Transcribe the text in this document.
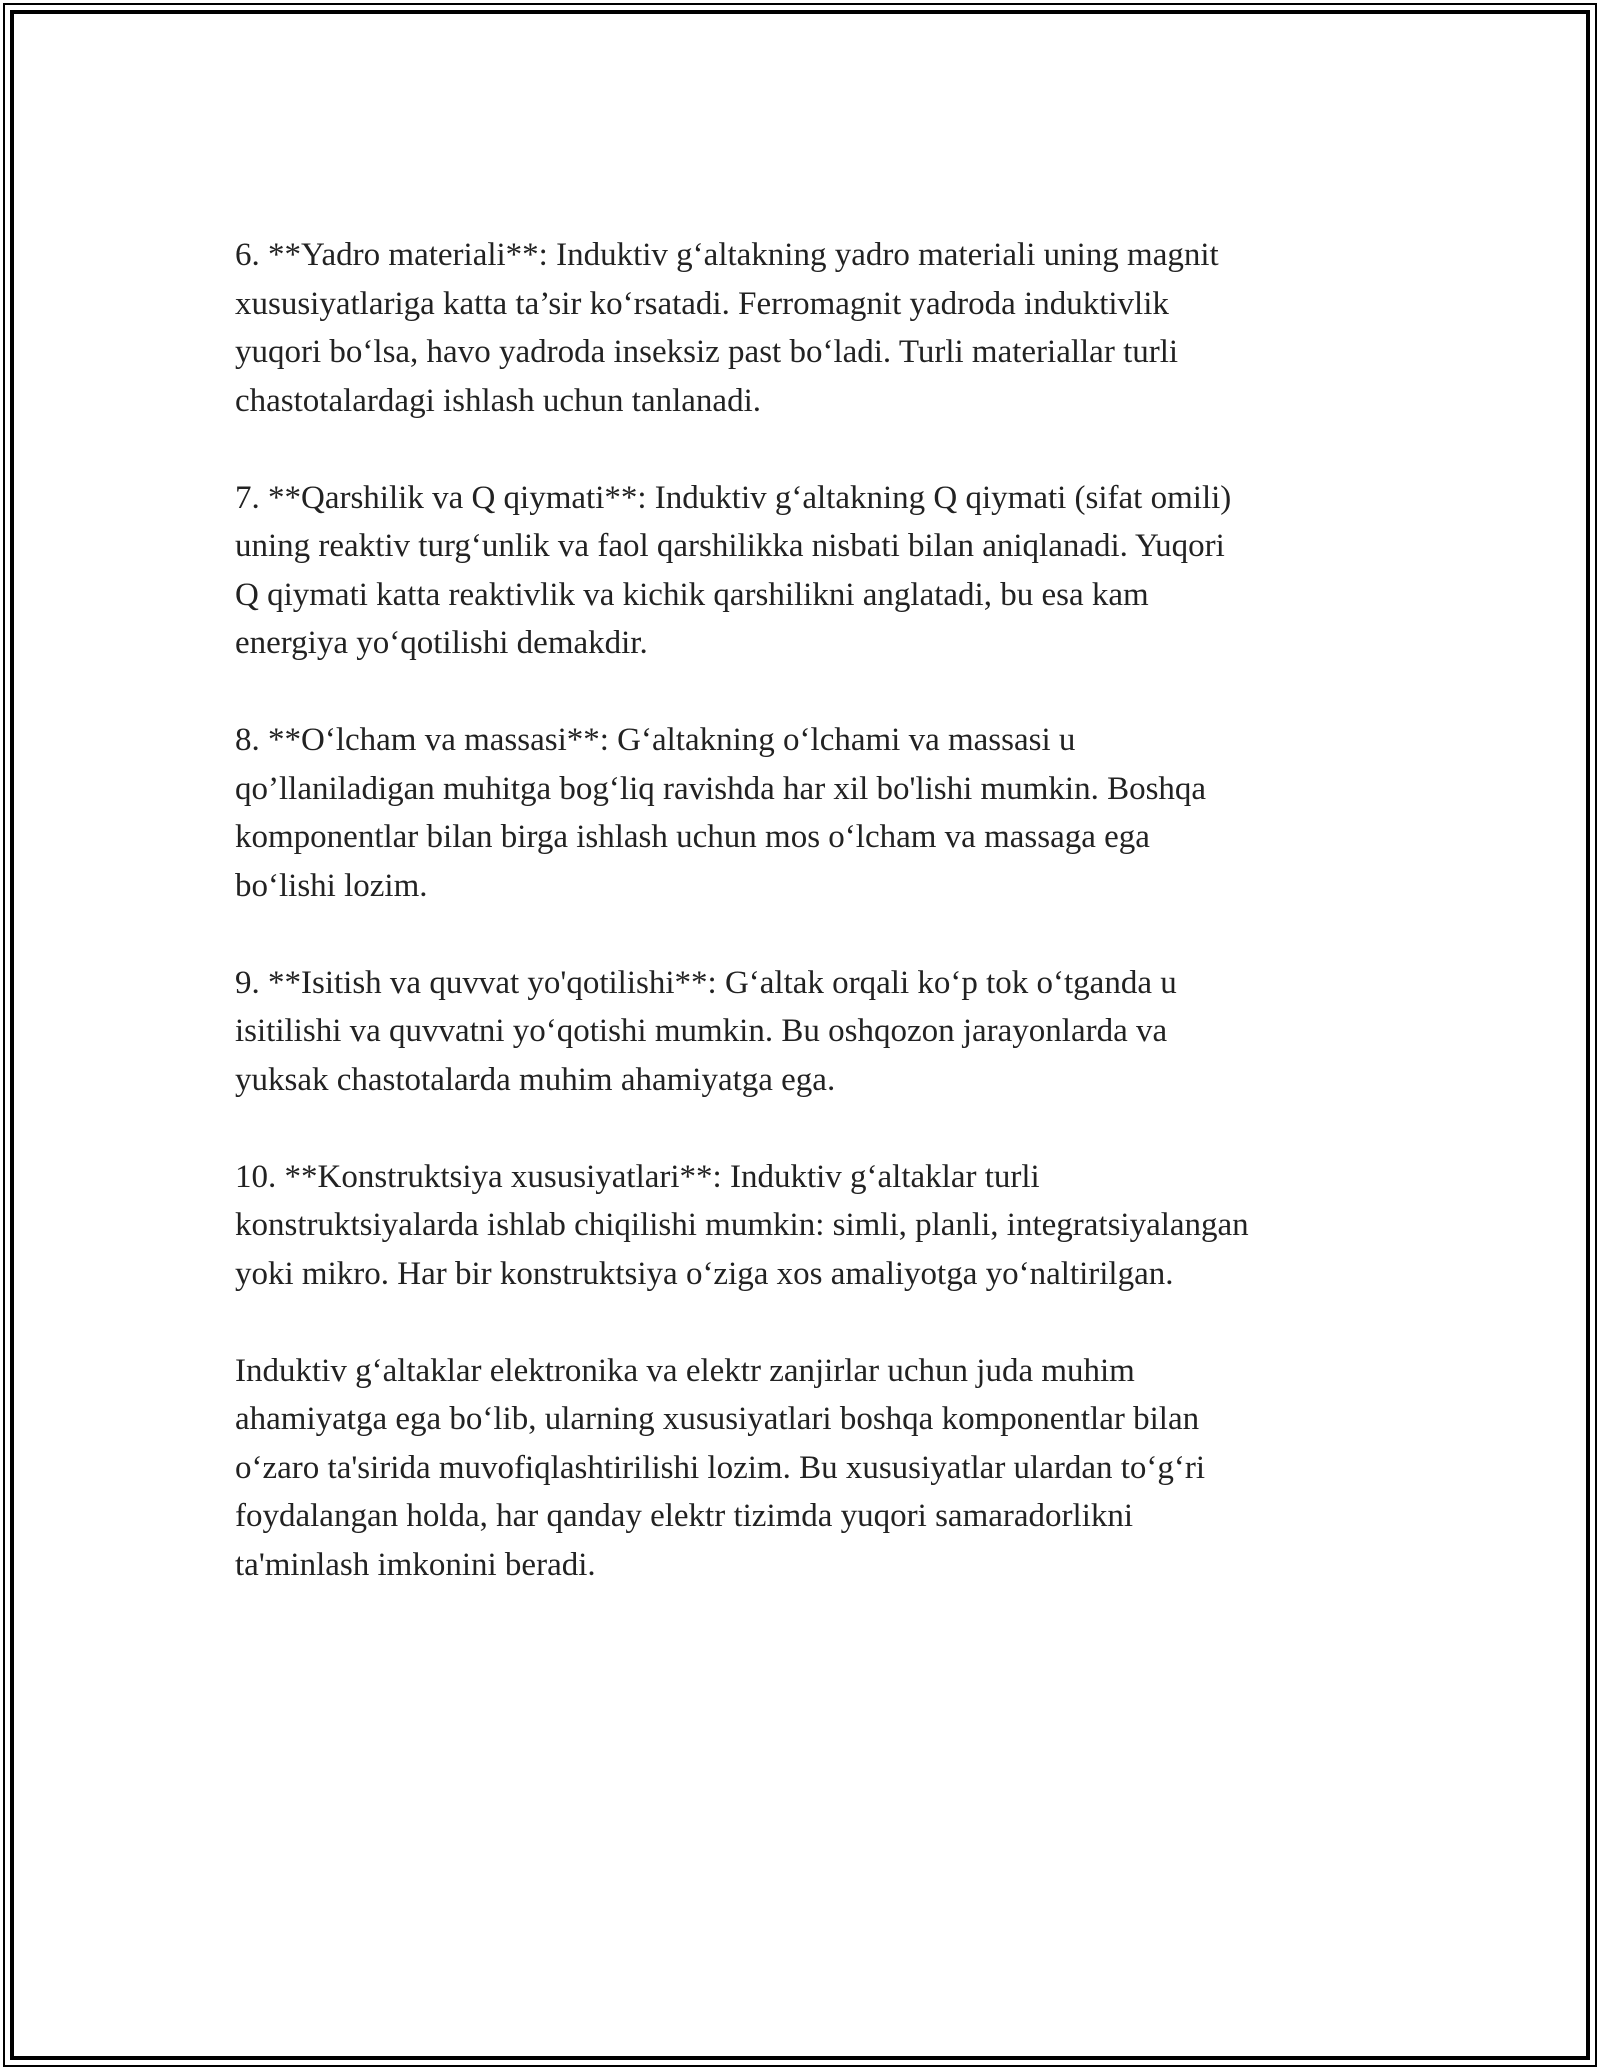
6. **Yadro materiali**: Induktiv g‘altakning yadro materiali uning magnit
xususiyatlariga katta ta’sir ko‘rsatadi. Ferromagnit yadroda induktivlik
yuqori bo‘lsa, havo yadroda inseksiz past bo‘ladi. Turli materiallar turli
chastotalardagi ishlash uchun tanlanadi.

7. **Qarshilik va Q qiymati**: Induktiv g‘altakning Q qiymati (sifat omili)
uning reaktiv turg‘unlik va faol qarshilikka nisbati bilan aniqlanadi. Yuqori
Q qiymati katta reaktivlik va kichik qarshilikni anglatadi, bu esa kam
energiya yo‘qotilishi demakdir.

8. **O‘lcham va massasi**: G‘altakning o‘lchami va massasi u
qo’llaniladigan muhitga bog‘liq ravishda har xil bo'lishi mumkin. Boshqa
komponentlar bilan birga ishlash uchun mos o‘lcham va massaga ega
bo‘lishi lozim.

9. **Isitish va quvvat yo'qotilishi**: G‘altak orqali ko‘p tok o‘tganda u
isitilishi va quvvatni yo‘qotishi mumkin. Bu oshqozon jarayonlarda va
yuksak chastotalarda muhim ahamiyatga ega.

10. **Konstruktsiya xususiyatlari**: Induktiv g‘altaklar turli
konstruktsiyalarda ishlab chiqilishi mumkin: simli, planli, integratsiyalangan
yoki mikro. Har bir konstruktsiya o‘ziga xos amaliyotga yo‘naltirilgan.

Induktiv g‘altaklar elektronika va elektr zanjirlar uchun juda muhim
ahamiyatga ega bo‘lib, ularning xususiyatlari boshqa komponentlar bilan
o‘zaro ta'sirida muvofiqlashtirilishi lozim. Bu xususiyatlar ulardan to‘g‘ri
foydalangan holda, har qanday elektr tizimda yuqori samaradorlikni
ta'minlash imkonini beradi.
